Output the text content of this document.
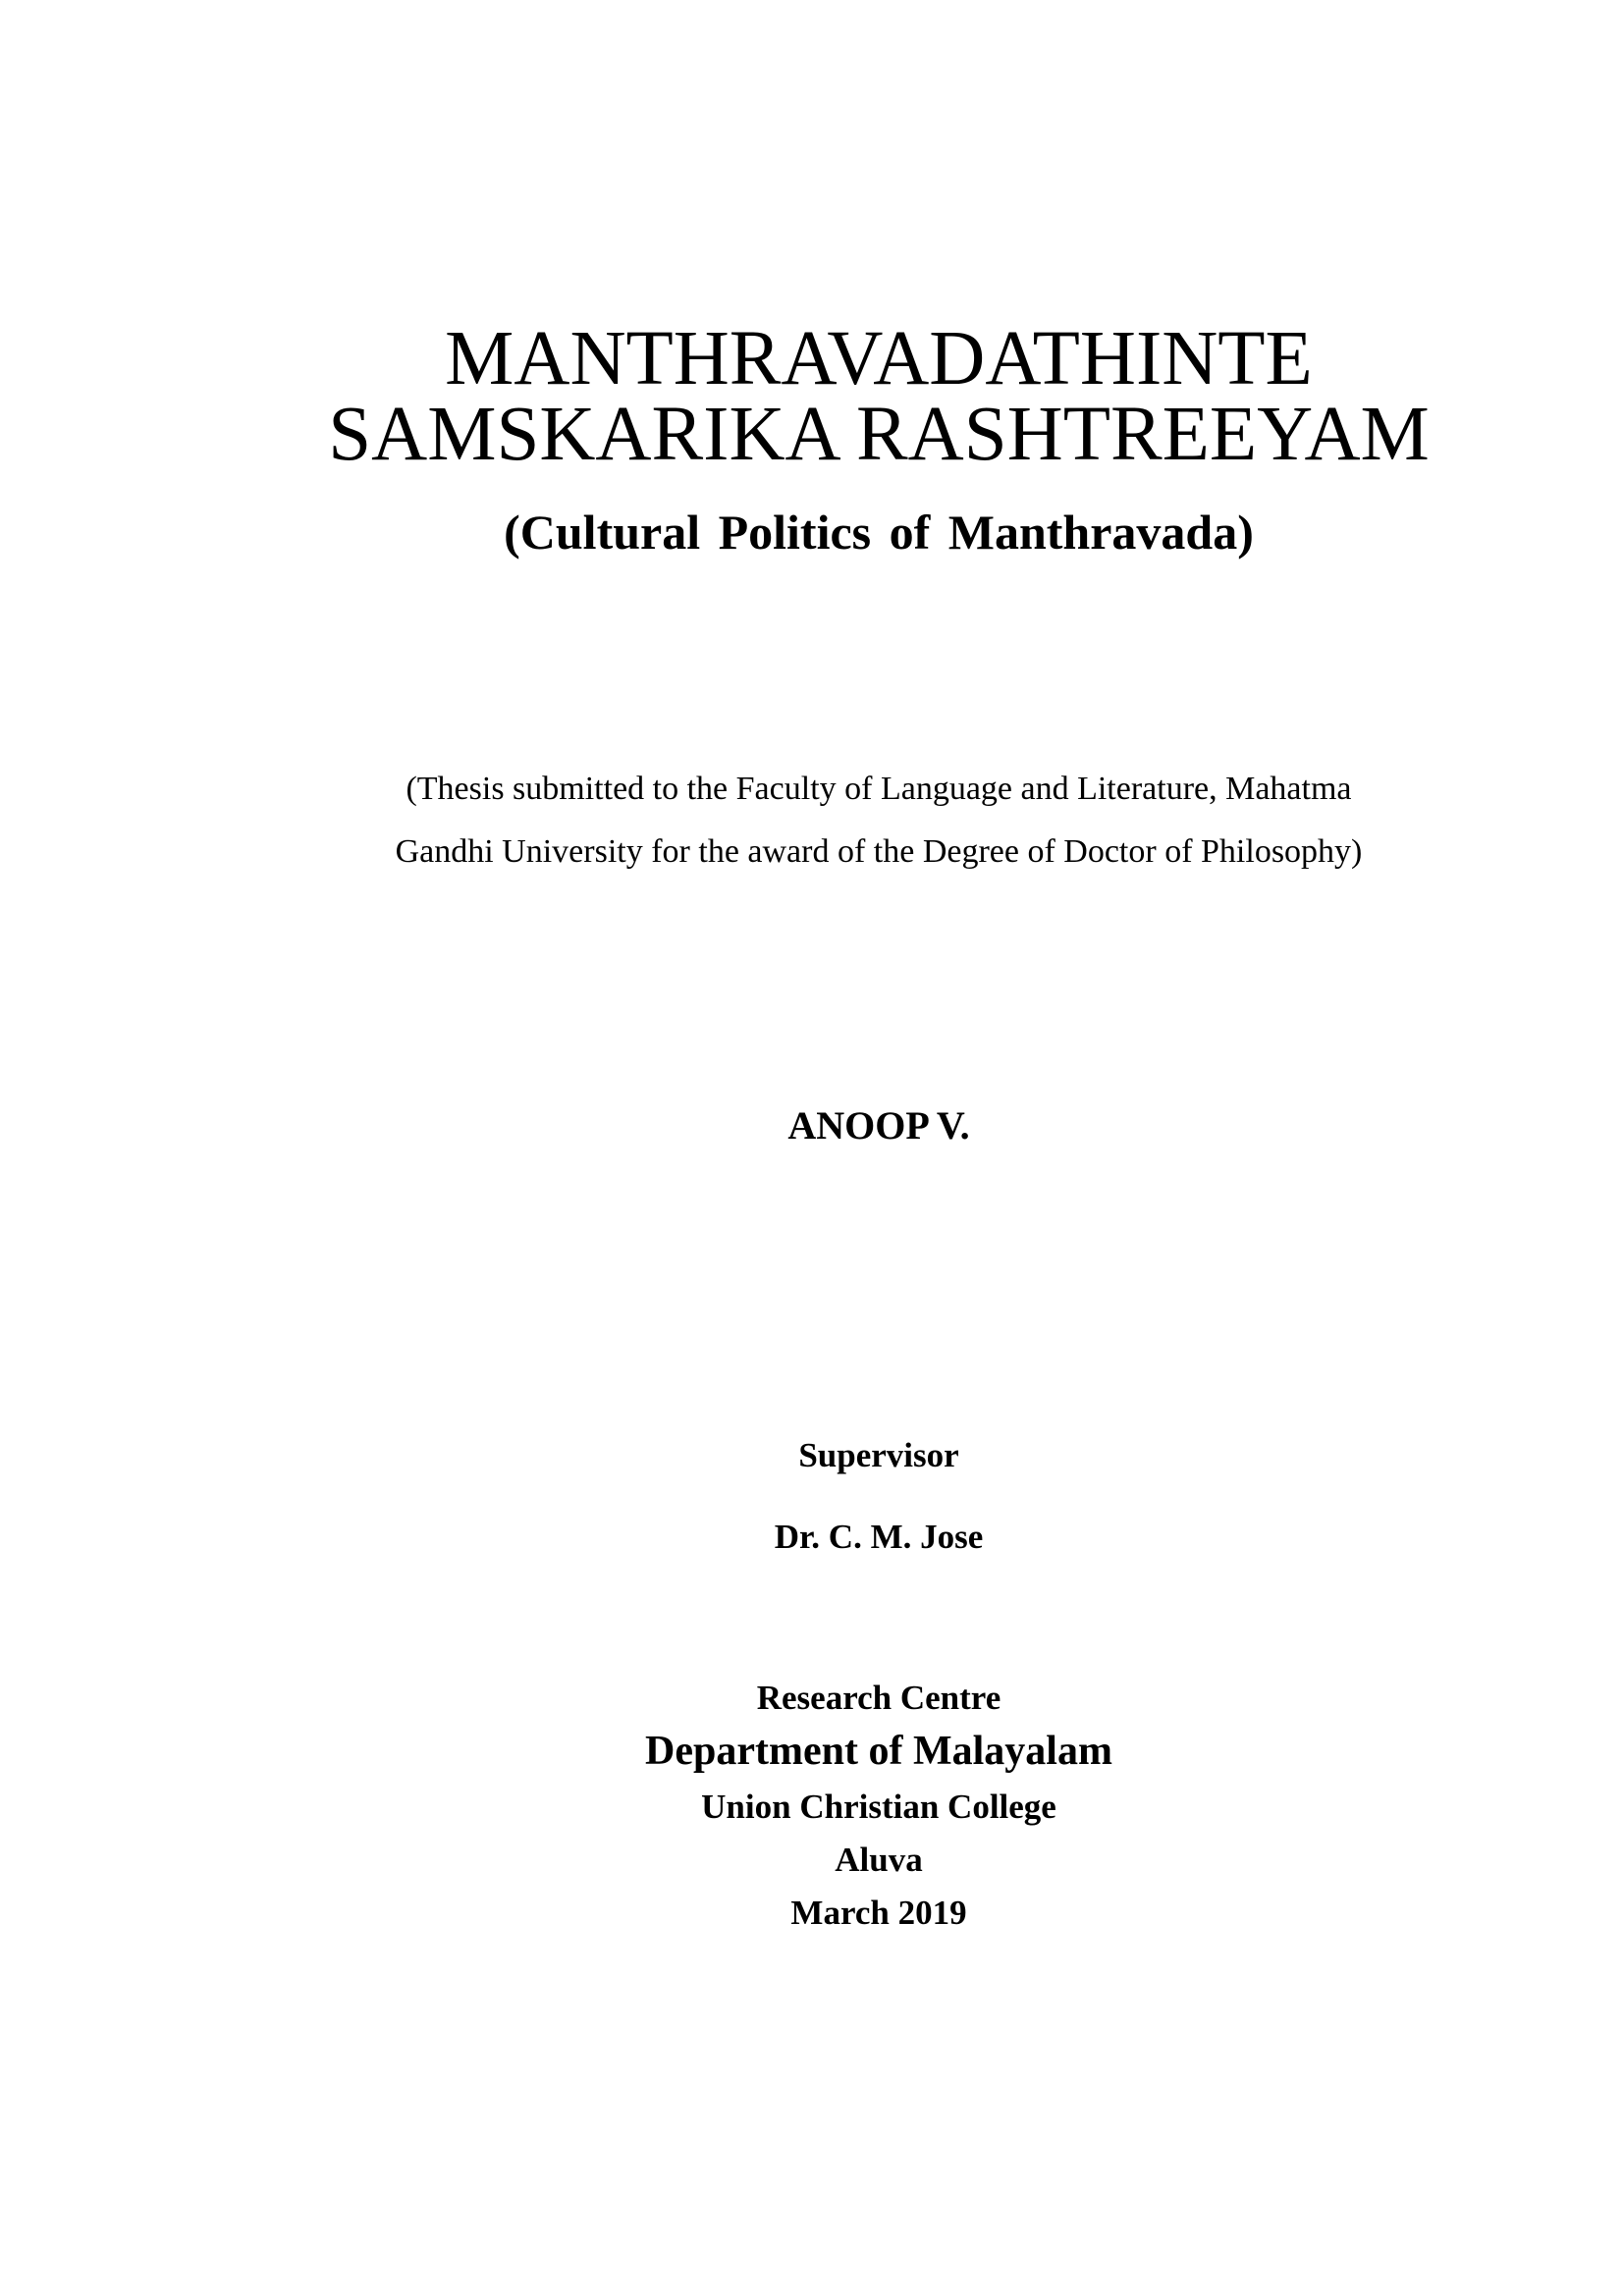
MANTHRAVADATHINTE
SAMSKARIKA RASHTREEYAM
(Cultural Politics of Manthravada)
(Thesis submitted to the Faculty of Language and Literature, Mahatma
Gandhi University for the award of the Degree of Doctor of Philosophy)
ANOOP V.
Supervisor
Dr. C. M. Jose
Research Centre
Department of Malayalam
Union Christian College
Aluva
March 2019
